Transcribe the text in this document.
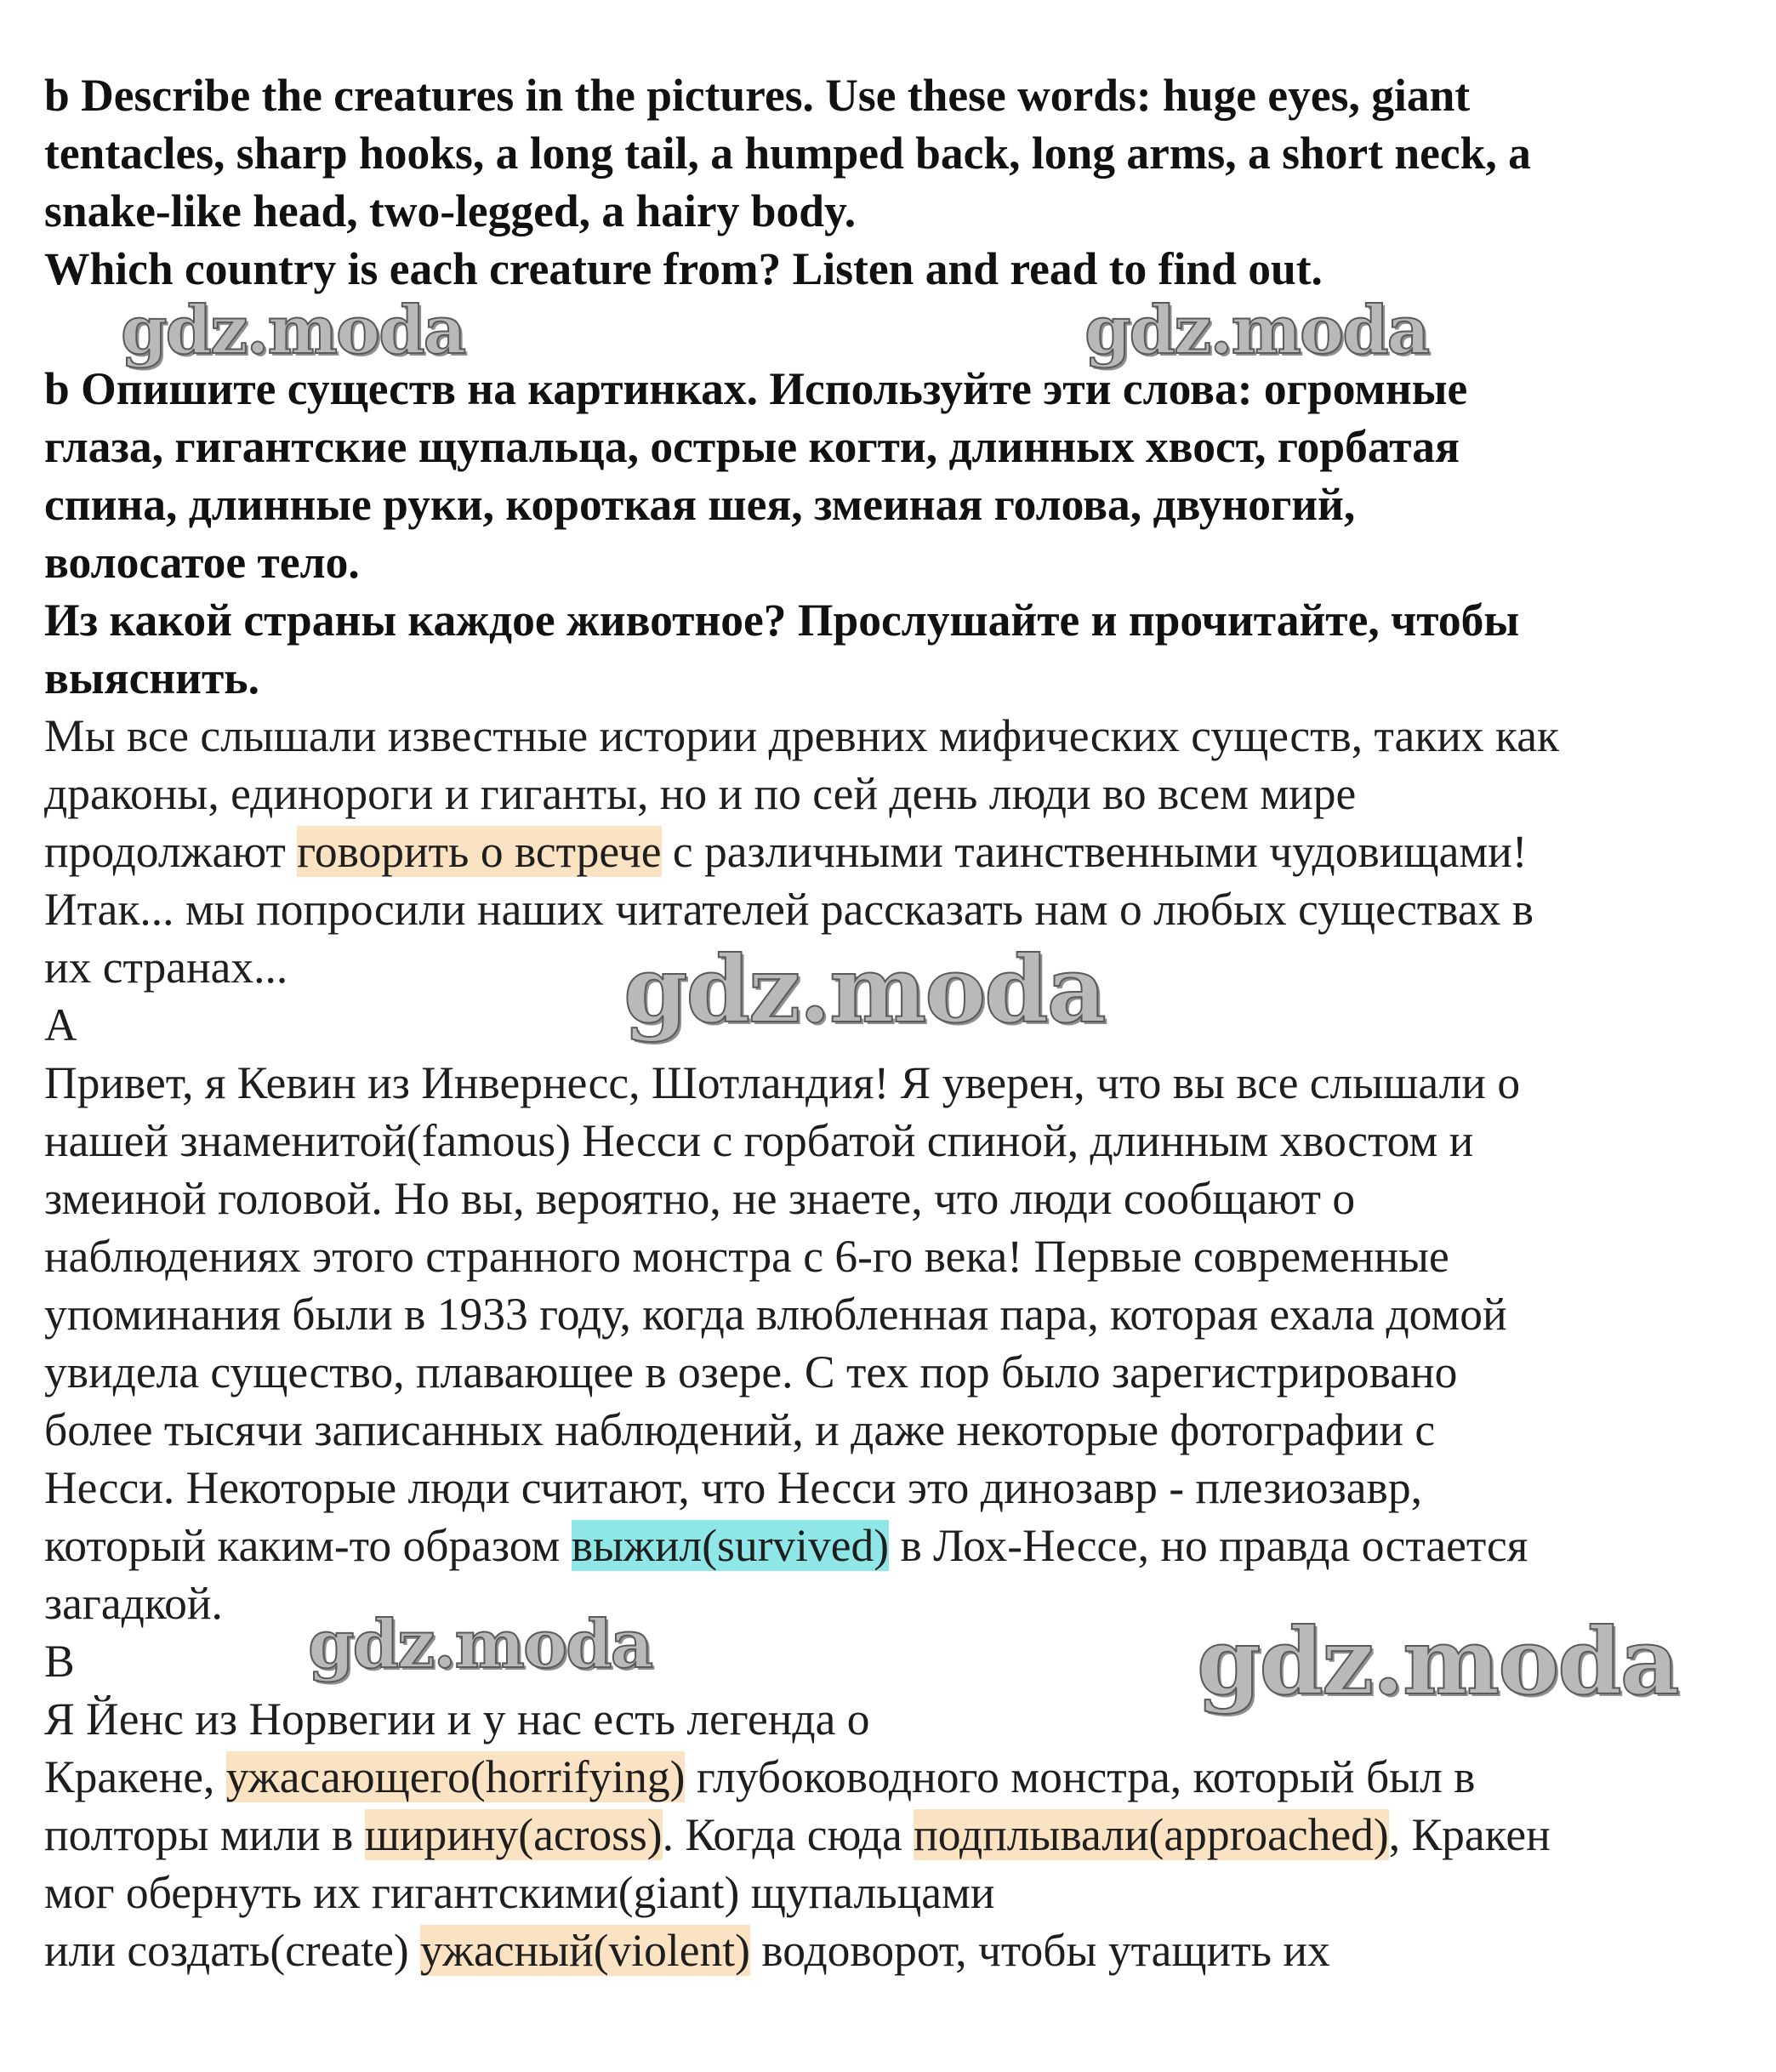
b Describe the creatures in the pictures. Use these words: huge eyes, giant
tentacles, sharp hooks, a long tail, a humped back, long arms, a short neck, a
snake-like head, two-legged, a hairy body.
Which country is each creature from? Listen and read to find out.
b Опишите существ на картинках. Используйте эти слова: огромные
глаза, гигантские щупальца, острые когти, длинных хвост, горбатая
спина, длинные руки, короткая шея, змеиная голова, двуногий,
волосатое тело.
Из какой страны каждое животное? Прослушайте и прочитайте, чтобы
выяснить.
Мы все слышали известные истории древних мифических существ, таких как
драконы, единороги и гиганты, но и по сей день люди во всем мире
продолжают говорить о встрече с различными таинственными чудовищами!
Итак... мы попросили наших читателей рассказать нам о любых существах в
их странах...
A
Привет, я Кевин из Инвернесс, Шотландия! Я уверен, что вы все слышали о
нашей знаменитой(famous) Несси с горбатой спиной, длинным хвостом и
змеиной головой. Но вы, вероятно, не знаете, что люди сообщают о
наблюдениях этого странного монстра с 6-го века! Первые современные
упоминания были в 1933 году, когда влюбленная пара, которая ехала домой
увидела существо, плавающее в озере. С тех пор было зарегистрировано
более тысячи записанных наблюдений, и даже некоторые фотографии с
Несси. Некоторые люди считают, что Несси это динозавр - плезиозавр,
который каким-то образом выжил(survived) в Лох-Нессе, но правда остается
загадкой.
B
Я Йенс из Норвегии и у нас есть легенда о
Кракене, ужасающего(horrifying) глубоководного монстра, который был в
полторы мили в ширину(across). Когда сюда подплывали(approached), Кракен
мог обернуть их гигантскими(giant) щупальцами
или создать(create) ужасный(violent) водоворот, чтобы утащить их
gdz.moda	gdz.moda
gdz.moda
gdz.moda	gdz.moda
